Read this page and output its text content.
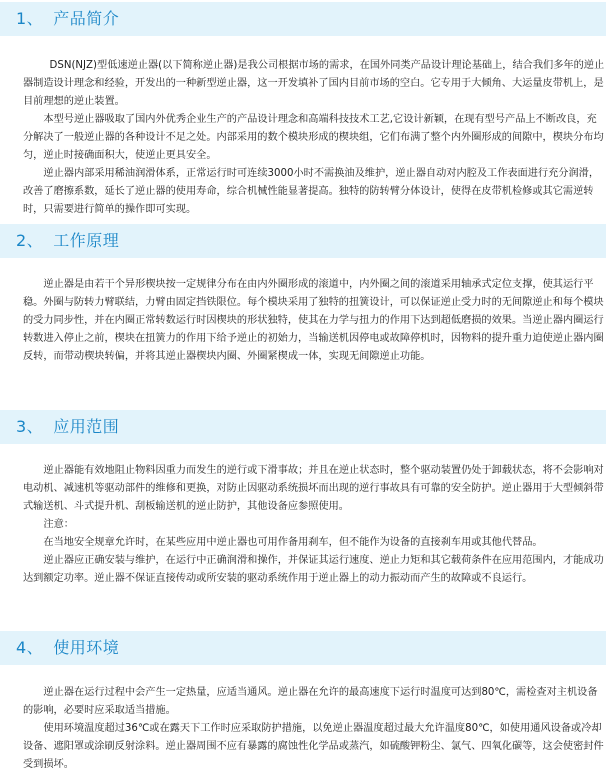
1、 产品简介

DSN(NJZ)型低速逆止器(以下简称逆止器)是我公司根据市场的需求，在国外同类产品设计理论基础上，结合我们多年的逆止器制造设计理念和经验，开发出的一种新型逆止器，这一开发填补了国内目前市场的空白。它专用于大倾角、大运量皮带机上，是目前理想的逆止装置。

本型号逆止器吸取了国内外优秀企业生产的产品设计理念和高端科技技术工艺,它设计新颖，在现有型号产品上不断改良，充分解决了一般逆止器的各种设计不足之处。内部采用的数个模块形成的楔块组，它们布满了整个内外圈形成的间隙中，楔块分布均匀，逆止时接确面积大，使逆止更具安全。

逆止器内部采用稀油润滑体系，正常运行时可连续3000小时不需换油及维护，逆止器自动对内腔及工作表面进行充分润滑，改善了磨擦系数，延长了逆止器的使用寿命，综合机械性能显著提高。独特的防转臂分体设计，使得在皮带机检修或其它需逆转时，只需要进行简单的操作即可实现。

2、 工作原理

逆止器是由若干个异形楔块按一定规律分布在由内外圈形成的滚道中，内外圈之间的滚道采用轴承式定位支撑，使其运行平稳。外圈与防转力臂联结，力臂由固定挡铁限位。每个模块采用了独特的扭簧设计，可以保证逆止受力时的无间隙逆止和每个模块的受力同步性，并在内圈正常转数运行时因楔块的形状独特，使其在力学与扭力的作用下达到超低磨损的效果。当逆止器内圈运行转数进入停止之前，楔块在扭簧力的作用下给予逆止的初始力，当输送机因停电或故障停机时，因物料的提升重力迫使逆止器内圈反转，而带动楔块转偏，并将其逆止器楔块内圈、外圈紧楔成一体，实现无间隙逆止功能。

3、 应用范围

逆止器能有效地阻止物料因重力而发生的逆行或下滑事故；并且在逆止状态时，整个驱动装置仍处于卸载状态，将不会影响对电动机、减速机等驱动部件的维修和更换，对防止因驱动系统损坏而出现的逆行事故具有可靠的安全防护。逆止器用于大型倾斜带式输送机、斗式提升机、刮板输送机的逆止防护，其他设备应参照使用。

注意：

在当地安全规章允许时，在某些应用中逆止器也可用作备用刹车，但不能作为设备的直接刹车用或其他代替品。

逆止器应正确安装与维护，在运行中正确润滑和操作，并保证其运行速度、逆止力矩和其它载荷条件在应用范围内，才能成功达到额定功率。逆止器不保证直接传动或所安装的驱动系统作用于逆止器上的动力振动而产生的故障或不良运行。

4、 使用环境

逆止器在运行过程中会产生一定热量，应适当通风。逆止器在允许的最高速度下运行时温度可达到80℃，需检查对主机设备的影响，必要时应采取适当措施。

使用环境温度超过36℃或在露天下工作时应采取防护措施，以免逆止器温度超过最大允许温度80℃，如使用通风设备或冷却设备、遮阳罩或涂刷反射涂料。逆止器周围不应有暴露的腐蚀性化学品或蒸汽，如硫酸钾粉尘、氯气、四氧化碳等，这会使密封件受到损坏。
